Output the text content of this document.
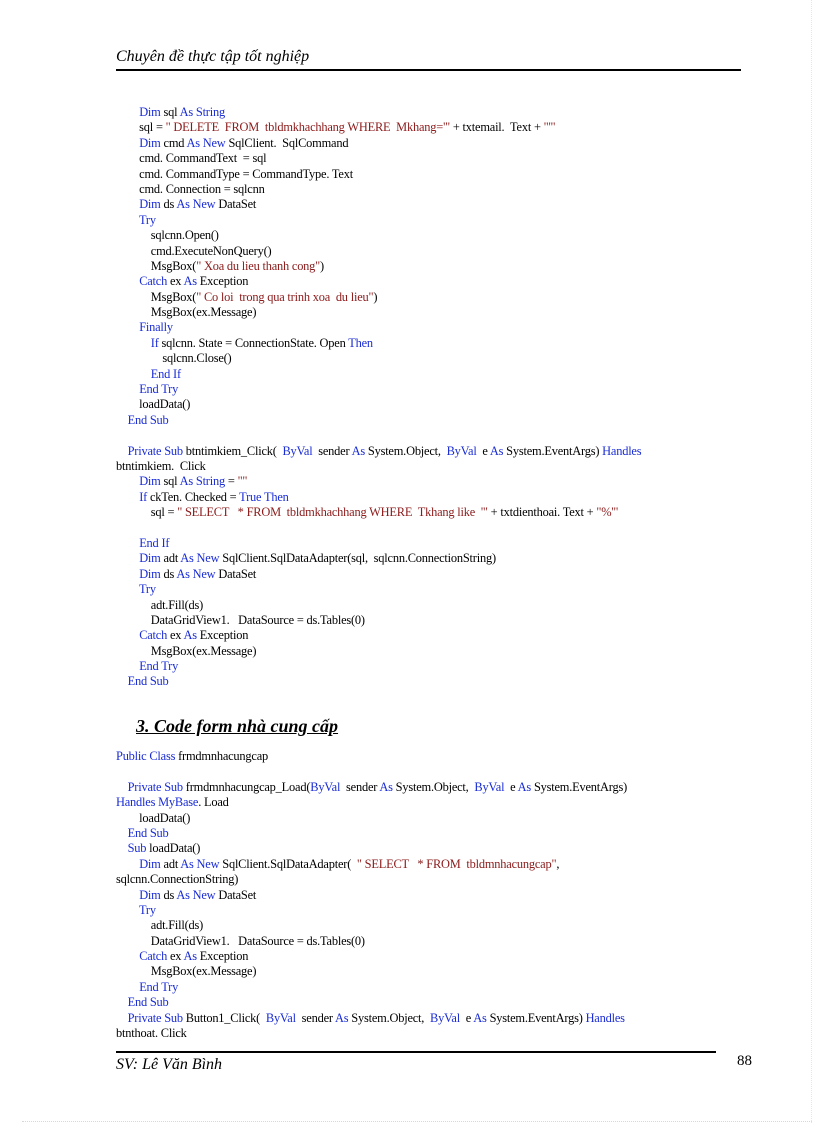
Chuyên đề thực tập tốt nghiệp
Dim sql As String
sql = " DELETE  FROM  tbldmkhachhang WHERE  Mkhang='" + txtemail.  Text + "'"
Dim cmd As New SqlClient.  SqlCommand
cmd. CommandText  = sql
cmd. CommandType = CommandType. Text
cmd. Connection = sqlcnn
Dim ds As New DataSet
Try
sqlcnn.Open()
cmd.ExecuteNonQuery()
MsgBox(" Xoa du lieu thanh cong")
Catch ex As Exception
MsgBox(" Co loi  trong qua trinh xoa  du lieu")
MsgBox(ex.Message)
Finally
If sqlcnn. State = ConnectionState. Open Then
sqlcnn.Close()
End If
End Try
loadData()
End Sub
Private Sub btntimkiem_Click(  ByVal  sender As System.Object,  ByVal  e As System.EventArgs) Handles
btntimkiem.  Click
Dim sql As String = ""
If ckTen. Checked = True Then
sql = " SELECT   * FROM  tbldmkhachhang WHERE  Tkhang like  '" + txtdienthoai. Text + "%'"
End If
Dim adt As New SqlClient.SqlDataAdapter(sql,  sqlcnn.ConnectionString)
Dim ds As New DataSet
Try
adt.Fill(ds)
DataGridView1.   DataSource = ds.Tables(0)
Catch ex As Exception
MsgBox(ex.Message)
End Try
End Sub
3. Code form nhà cung cấp
Public Class frmdmnhacungcap
Private Sub frmdmnhacungcap_Load(ByVal  sender As System.Object,  ByVal  e As System.EventArgs)
Handles MyBase. Load
loadData()
End Sub
Sub loadData()
Dim adt As New SqlClient.SqlDataAdapter(  " SELECT   * FROM  tbldmnhacungcap",
sqlcnn.ConnectionString)
Dim ds As New DataSet
Try
adt.Fill(ds)
DataGridView1.   DataSource = ds.Tables(0)
Catch ex As Exception
MsgBox(ex.Message)
End Try
End Sub
Private Sub Button1_Click(  ByVal  sender As System.Object,  ByVal  e As System.EventArgs) Handles
btnthoat. Click
SV: Lê Văn Bình	88
